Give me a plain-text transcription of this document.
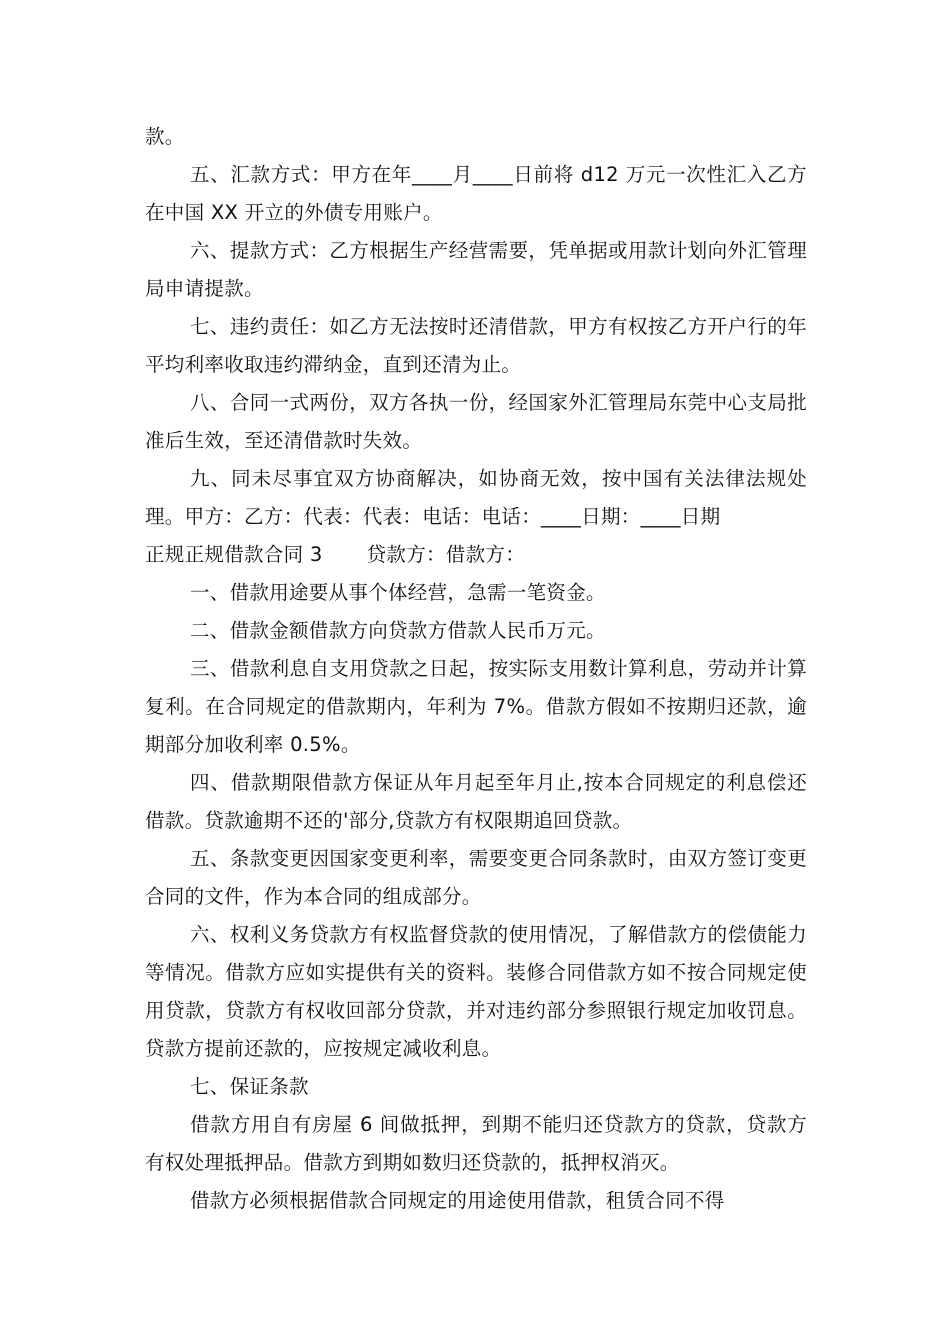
款。

五、汇款方式：甲方在年____月____日前将 d12 万元一次性汇入乙方在中国 XX 开立的外债专用账户。

六、提款方式：乙方根据生产经营需要，凭单据或用款计划向外汇管理局申请提款。

七、违约责任：如乙方无法按时还清借款，甲方有权按乙方开户行的年平均利率收取违约滞纳金，直到还清为止。

八、合同一式两份，双方各执一份，经国家外汇管理局东莞中心支局批准后生效，至还清借款时失效。

九、同未尽事宜双方协商解决，如协商无效，按中国有关法律法规处理。甲方：乙方：代表：代表：电话：电话：____日期：____日期

正规正规借款合同 3 贷款方：借款方：

一、借款用途要从事个体经营，急需一笔资金。

二、借款金额借款方向贷款方借款人民币万元。

三、借款利息自支用贷款之日起，按实际支用数计算利息，劳动并计算复利。在合同规定的借款期内，年利为 7%。借款方假如不按期归还款，逾期部分加收利率 0.5%。

四、借款期限借款方保证从年月起至年月止,按本合同规定的利息偿还借款。贷款逾期不还的'部分,贷款方有权限期追回贷款。

五、条款变更因国家变更利率，需要变更合同条款时，由双方签订变更合同的文件，作为本合同的组成部分。

六、权利义务贷款方有权监督贷款的使用情况，了解借款方的偿债能力等情况。借款方应如实提供有关的资料。装修合同借款方如不按合同规定使用贷款，贷款方有权收回部分贷款，并对违约部分参照银行规定加收罚息。贷款方提前还款的，应按规定减收利息。

七、保证条款

借款方用自有房屋 6 间做抵押，到期不能归还贷款方的贷款，贷款方有权处理抵押品。借款方到期如数归还贷款的，抵押权消灭。

借款方必须根据借款合同规定的用途使用借款，租赁合同不得
